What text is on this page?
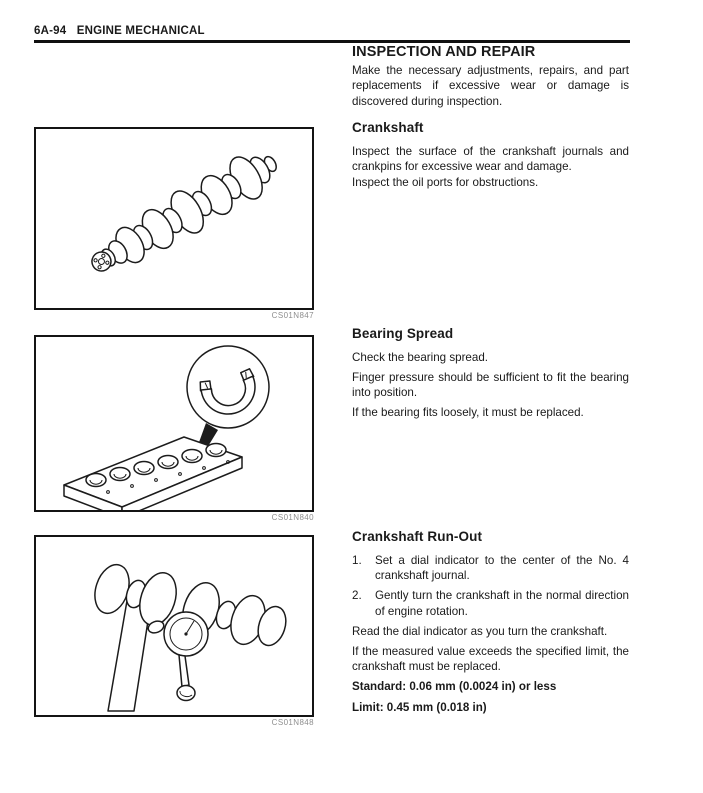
6A-94 ENGINE MECHANICAL
CS01N847
CS01N840
CS01N848
INSPECTION AND REPAIR

Make the necessary adjustments, repairs, and part replacements if excessive wear or damage is discovered during inspection.

Crankshaft

Inspect the surface of the crankshaft journals and crankpins for excessive wear and damage.

Inspect the oil ports for obstructions.

Bearing Spread

Check the bearing spread.

Finger pressure should be sufficient to fit the bearing into position.

If the bearing fits loosely, it must be replaced.

Crankshaft Run-Out
1.	Set a dial indicator to the center of the No. 4 crankshaft journal.
2.	Gently turn the crankshaft in the normal direction of engine rotation.

Read the dial indicator as you turn the crankshaft.

If the measured value exceeds the specified limit, the crankshaft must be replaced.

Standard: 0.06 mm (0.0024 in) or less

Limit: 0.45 mm (0.018 in)
